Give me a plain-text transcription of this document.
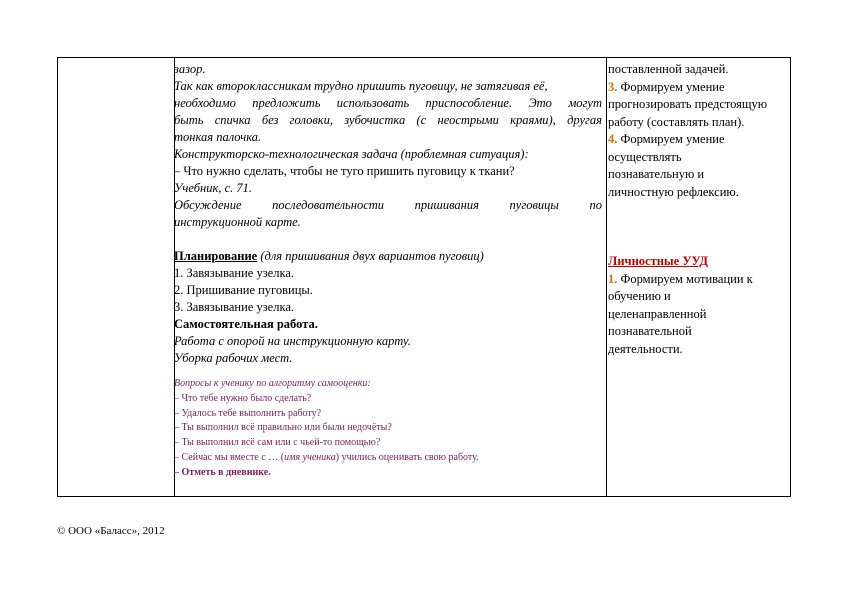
зазор.
Так как второклассникам трудно пришить пуговицу, не затягивая её,
необходимо предложить использовать приспособление. Это могут
быть спичка без головки, зубочистка (с неострыми краями), другая
тонкая палочка.
Конструкторско-технологическая задача (проблемная ситуация):
– Что нужно сделать, чтобы не туго пришить пуговицу к ткани?
Учебник, с. 71.
Обсуждение последовательности пришивания пуговицы по
инструкционной карте.
Планирование (для пришивания двух вариантов пуговиц)
1. Завязывание узелка.
2. Пришивание пуговицы.
3. Завязывание узелка.
Самостоятельная работа.
Работа с опорой на инструкционную карту.
Уборка рабочих мест.
Вопросы к ученику по алгоритму самооценки:
– Что тебе нужно было сделать?
– Удалось тебе выполнить работу?
– Ты выполнил всё правильно или были недочёты?
– Ты выполнил всё сам или с чьей-то помощью?
– Сейчас мы вместе с … (имя ученика) учились оценивать свою работу.
– Отметь в дневнике.
поставленной задачей.
3. Формируем умение
прогнозировать предстоящую
работу (составлять план).
4. Формируем умение
осуществлять
познавательную и
личностную рефлексию.
Личностные УУД
1. Формируем мотивации к
обучению и
целенаправленной
познавательной
деятельности.
© ООО «Баласс», 2012
